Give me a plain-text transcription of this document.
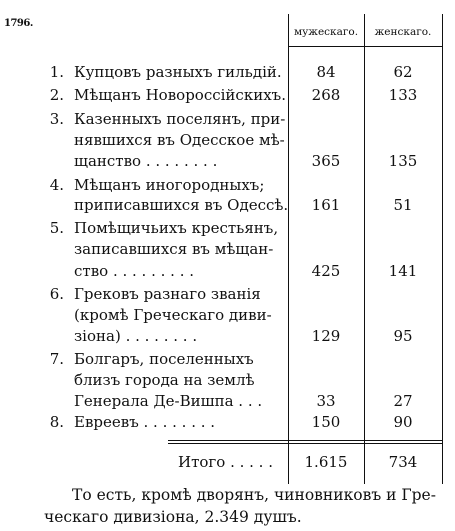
1796.
мужескаго.	женскаго.
1. Купцовъ разныхъ гильдій.	84	62
2. Мѣщанъ Новороссійскихъ.	268	133
3. Казенныхъ поселянъ, при-
нявшихся въ Одесское мѣ-
щанство . . . . . . . .	365	135
4. Мѣщанъ иногородныхъ;
приписавшихся въ Одессѣ.	161	51
5. Помѣщичьихъ крестьянъ,
записавшихся въ мѣщан-
ство . . . . . . . . .	425	141
6. Грековъ разнаго званія
(кромѣ Греческаго диви-
зіона) . . . . . . . .	129	95
7. Болгаръ, поселенныхъ
близъ города на землѣ
Генерала Де-Вишпа . . .	33	27
8. Евреевъ . . . . . . . .	150	90
Итого . . . . .	1.615	734
То есть, кромѣ дворянъ, чиновниковъ и Гре-
ческаго дивизіона, 2.349 душъ.
